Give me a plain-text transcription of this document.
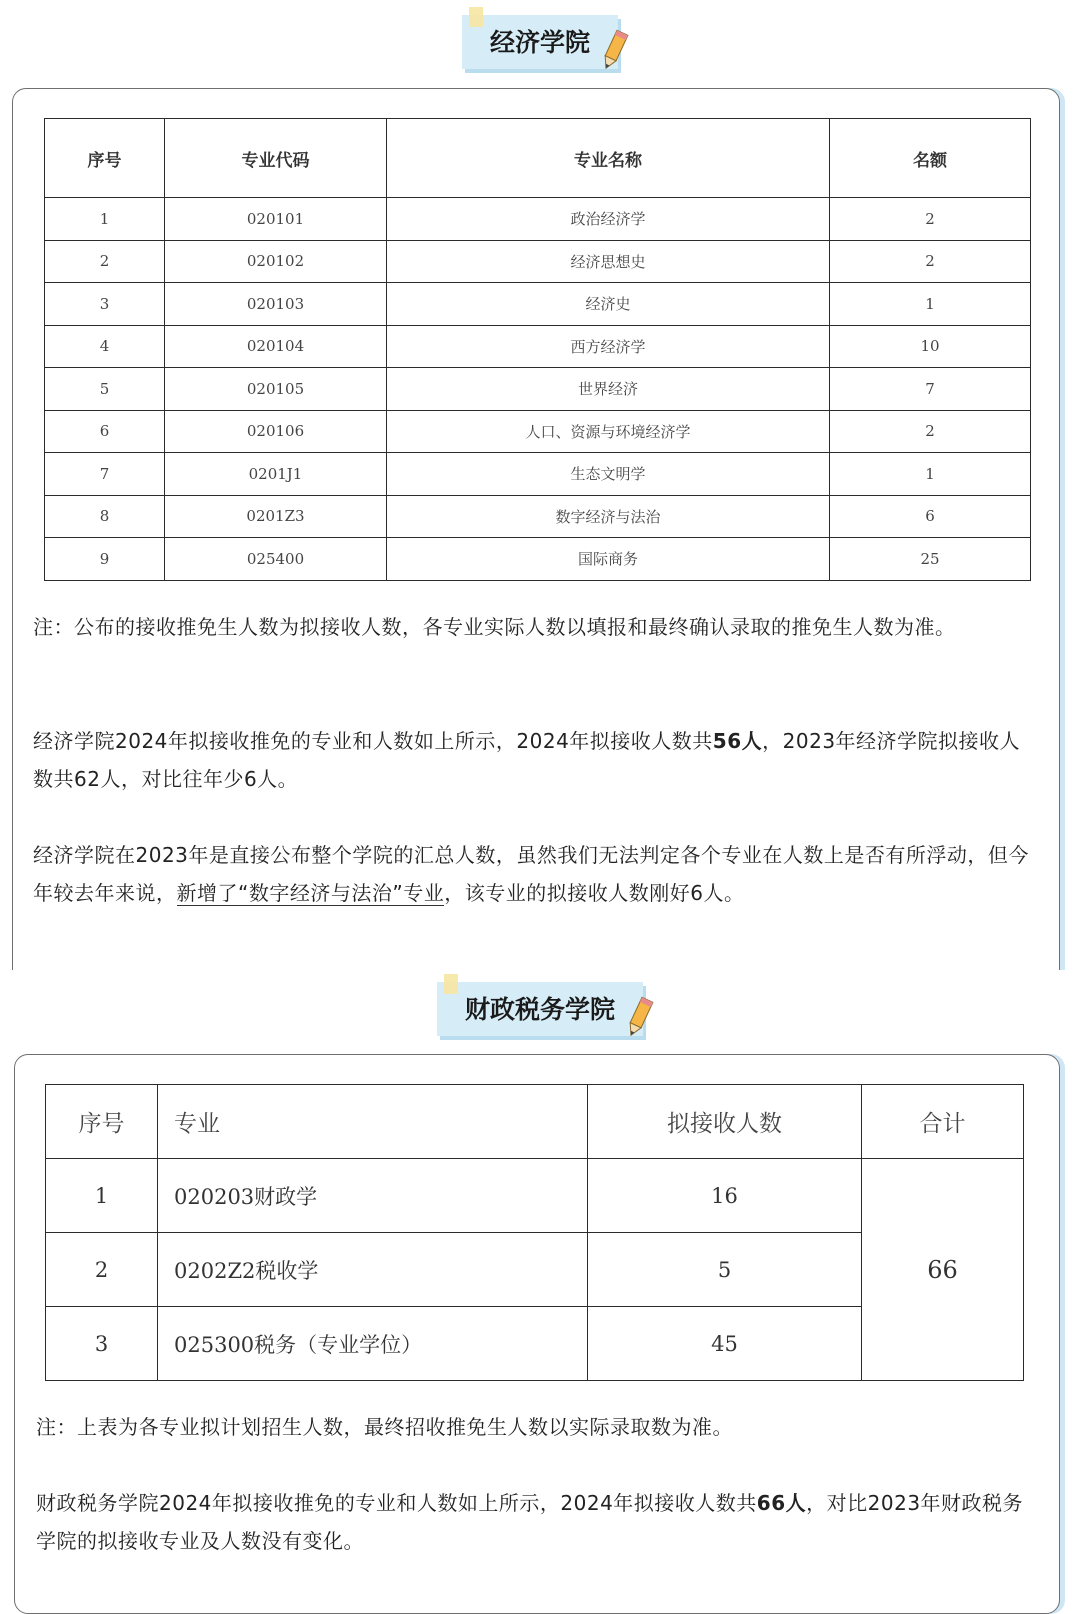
经济学院
序号	专业代码	专业名称	名额
1	020101	政治经济学	2
2	020102	经济思想史	2
3	020103	经济史	1
4	020104	西方经济学	10
5	020105	世界经济	7
6	020106	人口、资源与环境经济学	2
7	0201J1	生态文明学	1
8	0201Z3	数字经济与法治	6
9	025400	国际商务	25
注：公布的接收推免生人数为拟接收人数，各专业实际人数以填报和最终确认录取的推免生人数为准。
经济学院2024年拟接收推免的专业和人数如上所示，2024年拟接收人数共56人，2023年经济学院拟接收人数共62人，对比往年少6人。
经济学院在2023年是直接公布整个学院的汇总人数，虽然我们无法判定各个专业在人数上是否有所浮动，但今年较去年来说，新增了“数字经济与法治”专业，该专业的拟接收人数刚好6人。
财政税务学院
序号	专业	拟接收人数	合计
1	020203财政学	16	66
2	0202Z2税收学	5	
3	025300税务（专业学位）	45	
注：上表为各专业拟计划招生人数，最终招收推免生人数以实际录取数为准。
财政税务学院2024年拟接收推免的专业和人数如上所示，2024年拟接收人数共66人，对比2023年财政税务学院的拟接收专业及人数没有变化。
